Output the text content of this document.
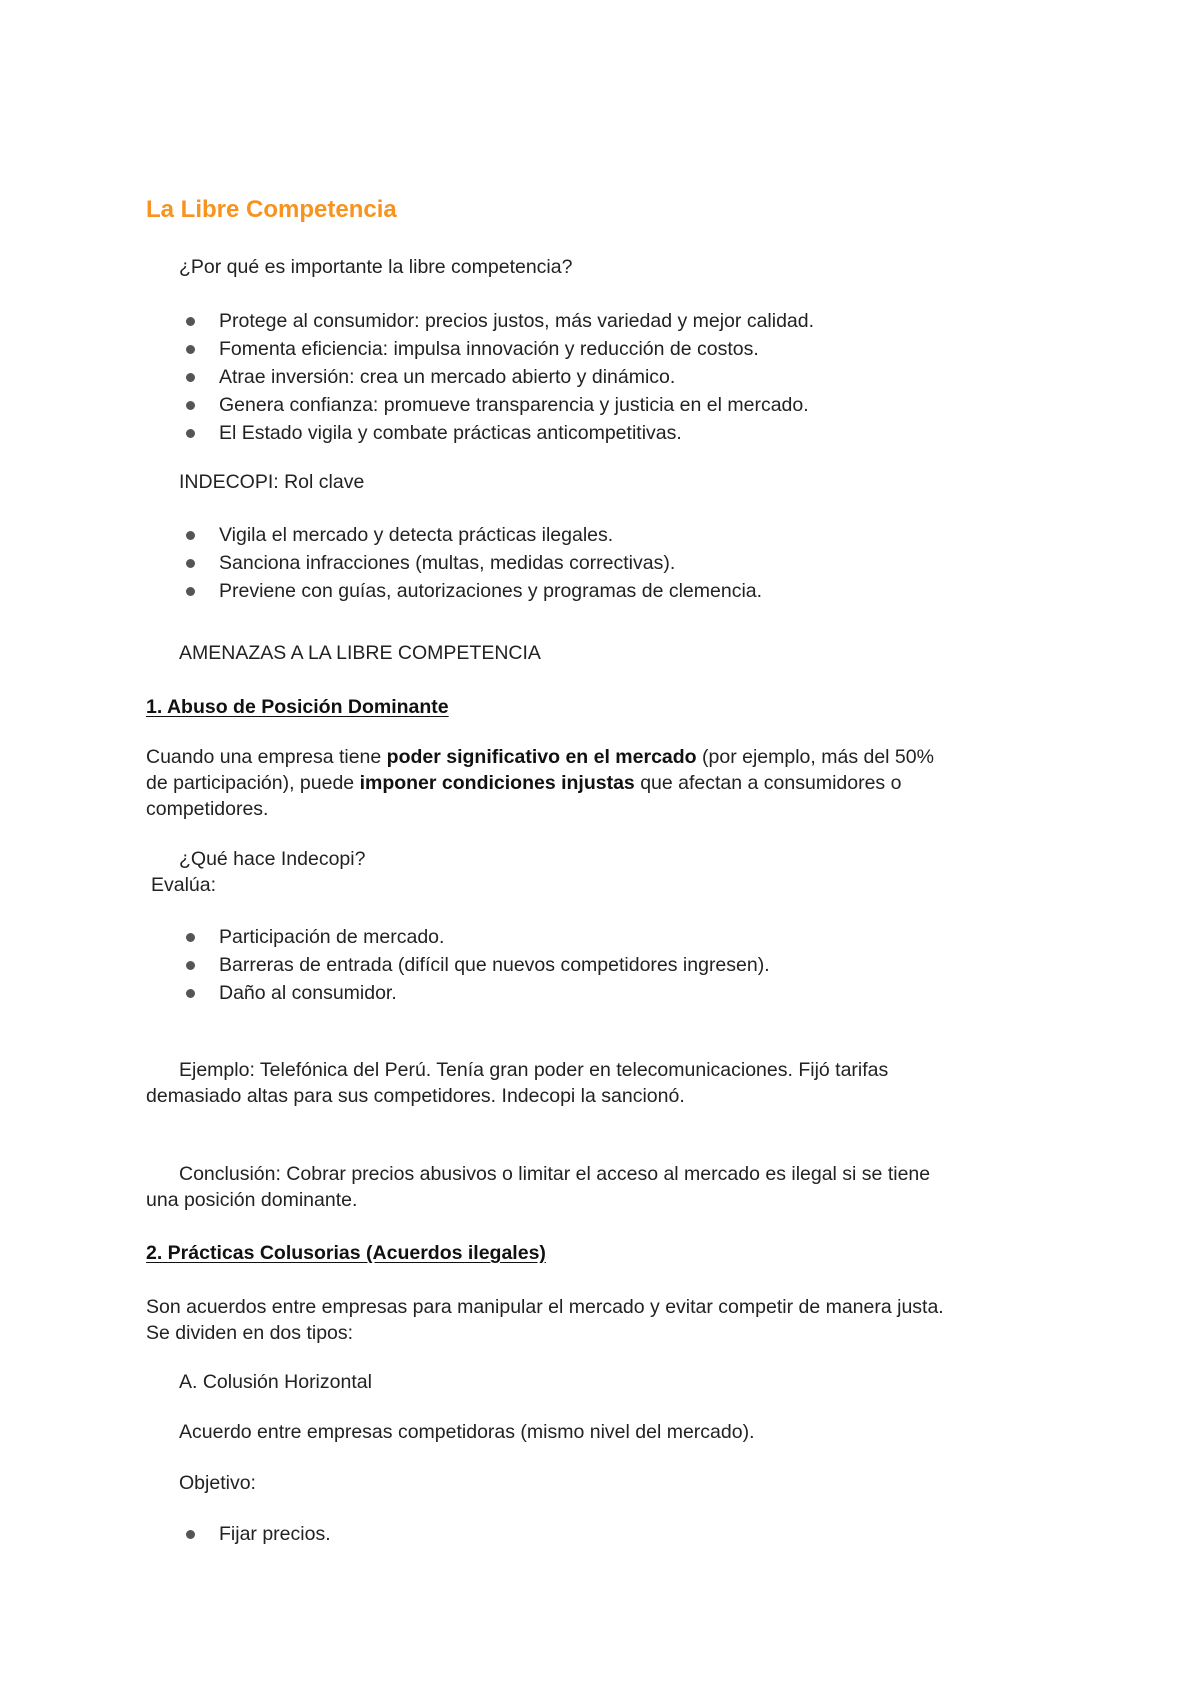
La Libre Competencia
¿Por qué es importante la libre competencia?
Protege al consumidor: precios justos, más variedad y mejor calidad.
Fomenta eficiencia: impulsa innovación y reducción de costos.
Atrae inversión: crea un mercado abierto y dinámico.
Genera confianza: promueve transparencia y justicia en el mercado.
El Estado vigila y combate prácticas anticompetitivas.
INDECOPI: Rol clave
Vigila el mercado y detecta prácticas ilegales.
Sanciona infracciones (multas, medidas correctivas).
Previene con guías, autorizaciones y programas de clemencia.
AMENAZAS A LA LIBRE COMPETENCIA
1. Abuso de Posición Dominante
Cuando una empresa tiene poder significativo en el mercado (por ejemplo, más del 50%
de participación), puede imponer condiciones injustas que afectan a consumidores o
competidores.
¿Qué hace Indecopi?
Evalúa:
Participación de mercado.
Barreras de entrada (difícil que nuevos competidores ingresen).
Daño al consumidor.
Ejemplo: Telefónica del Perú. Tenía gran poder en telecomunicaciones. Fijó tarifas
demasiado altas para sus competidores. Indecopi la sancionó.
Conclusión: Cobrar precios abusivos o limitar el acceso al mercado es ilegal si se tiene
una posición dominante.
2. Prácticas Colusorias (Acuerdos ilegales)
Son acuerdos entre empresas para manipular el mercado y evitar competir de manera justa.
Se dividen en dos tipos:
A. Colusión Horizontal
Acuerdo entre empresas competidoras (mismo nivel del mercado).
Objetivo:
Fijar precios.
